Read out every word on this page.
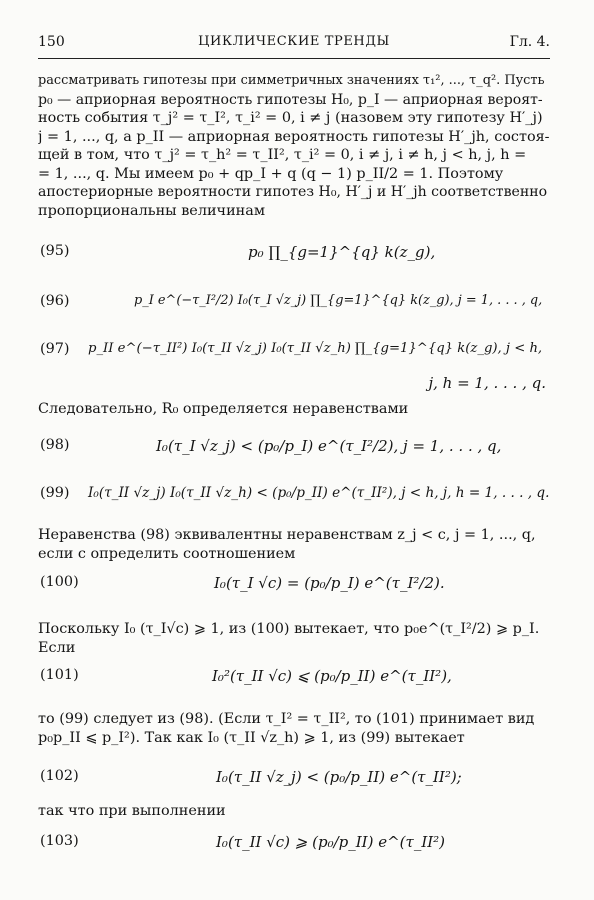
150	ЦИКЛИЧЕСКИЕ ТРЕНДЫ	Гл. 4.
рассматривать гипотезы при симметричных значениях τ₁², ..., τ_q². Пусть
p₀ — априорная вероятность гипотезы H₀, p_I — априорная вероят-
ность события τ_j² = τ_I², τ_i² = 0, i ≠ j (назовем эту гипотезу H′_j)
j = 1, ..., q, а p_II — априорная вероятность гипотезы H′_jh, состоя-
щей в том, что τ_j² = τ_h² = τ_II², τ_i² = 0, i ≠ j, i ≠ h, j < h, j, h =
= 1, ..., q. Мы имеем p₀ + qp_I + q (q − 1) p_II/2 = 1. Поэтому
апостериорные вероятности гипотез H₀, H′_j и H′_jh соответственно
пропорциональны величинам
(95)	p₀ ∏_{g=1}^{q} k(z_g),
(96)	p_I e^(−τ_I²/2) I₀(τ_I √z_j) ∏_{g=1}^{q} k(z_g), j = 1, . . . , q,
(97) p_II e^(−τ_II²) I₀(τ_II √z_j) I₀(τ_II √z_h) ∏_{g=1}^{q} k(z_g), j < h,
j, h = 1, . . . , q.
Следовательно, R₀ определяется неравенствами
(98)	I₀(τ_I √z_j) < (p₀/p_I) e^(τ_I²/2), j = 1, . . . , q,
(99) I₀(τ_II √z_j) I₀(τ_II √z_h) < (p₀/p_II) e^(τ_II²), j < h, j, h = 1, . . . , q.
Неравенства (98) эквивалентны неравенствам z_j < c, j = 1, ..., q,
если c определить соотношением
(100)	I₀(τ_I √c) = (p₀/p_I) e^(τ_I²/2).
Поскольку I₀ (τ_I√c) ⩾ 1, из (100) вытекает, что p₀e^(τ_I²/2) ⩾ p_I.
Если
(101)	I₀²(τ_II √c) ⩽ (p₀/p_II) e^(τ_II²),
то (99) следует из (98). (Если τ_I² = τ_II², то (101) принимает вид
p₀p_II ⩽ p_I²). Так как I₀ (τ_II √z_h) ⩾ 1, из (99) вытекает
(102)	I₀(τ_II √z_j) < (p₀/p_II) e^(τ_II²);
так что при выполнении
(103)	I₀(τ_II √c) ⩾ (p₀/p_II) e^(τ_II²)
